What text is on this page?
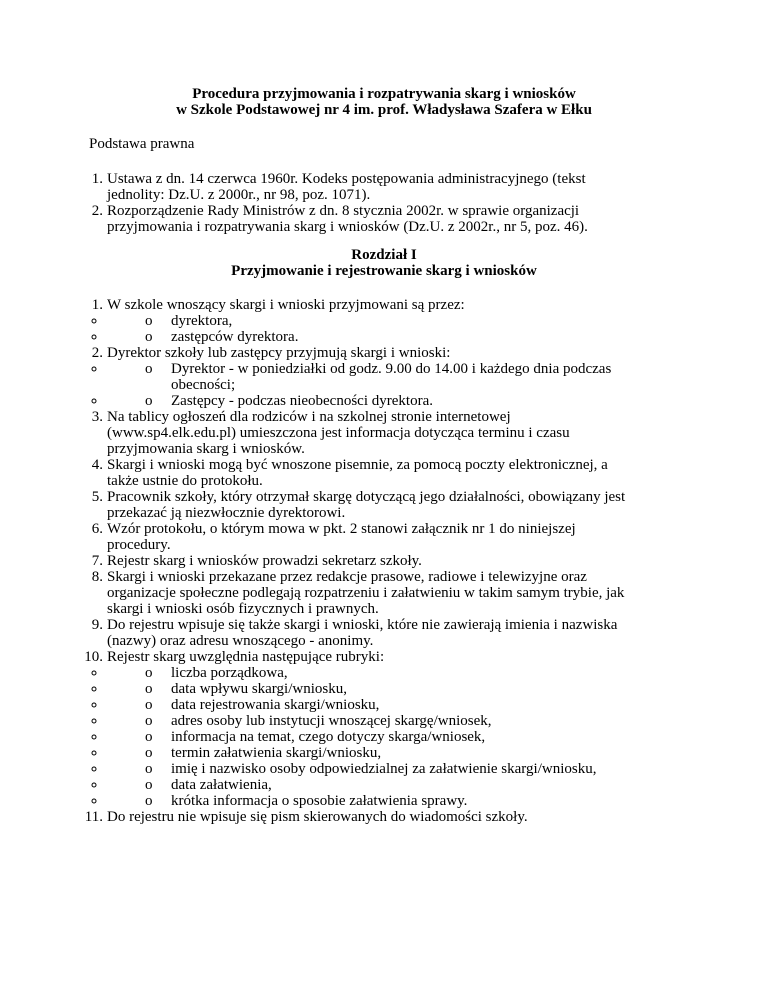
Procedura przyjmowania i rozpatrywania skarg i wniosków
w Szkole Podstawowej nr 4 im. prof. Władysława Szafera w Ełku
Podstawa prawna
1. Ustawa z dn. 14 czerwca 1960r. Kodeks postępowania administracyjnego (tekst
jednolity: Dz.U. z 2000r., nr 98, poz. 1071).
2. Rozporządzenie Rady Ministrów z dn. 8 stycznia 2002r. w sprawie organizacji
przyjmowania i rozpatrywania skarg i wniosków (Dz.U. z 2002r., nr 5, poz. 46).
Rozdział I
Przyjmowanie i rejestrowanie skarg i wniosków
1. W szkole wnoszący skargi i wnioski przyjmowani są przez:
◦ o dyrektora,
◦ o zastępców dyrektora.
2. Dyrektor szkoły lub zastępcy przyjmują skargi i wnioski:
◦ o Dyrektor - w poniedziałki od godz. 9.00 do 14.00 i każdego dnia podczas
obecności;
◦ o Zastępcy - podczas nieobecności dyrektora.
3. Na tablicy ogłoszeń dla rodziców i na szkolnej stronie internetowej
(www.sp4.elk.edu.pl) umieszczona jest informacja dotycząca terminu i czasu
przyjmowania skarg i wniosków.
4. Skargi i wnioski mogą być wnoszone pisemnie, za pomocą poczty elektronicznej, a
także ustnie do protokołu.
5. Pracownik szkoły, który otrzymał skargę dotyczącą jego działalności, obowiązany jest
przekazać ją niezwłocznie dyrektorowi.
6. Wzór protokołu, o którym mowa w pkt. 2 stanowi załącznik nr 1 do niniejszej
procedury.
7. Rejestr skarg i wniosków prowadzi sekretarz szkoły.
8. Skargi i wnioski przekazane przez redakcje prasowe, radiowe i telewizyjne oraz
organizacje społeczne podlegają rozpatrzeniu i załatwieniu w takim samym trybie, jak
skargi i wnioski osób fizycznych i prawnych.
9. Do rejestru wpisuje się także skargi i wnioski, które nie zawierają imienia i nazwiska
(nazwy) oraz adresu wnoszącego - anonimy.
10. Rejestr skarg uwzględnia następujące rubryki:
◦ o liczba porządkowa,
◦ o data wpływu skargi/wniosku,
◦ o data rejestrowania skargi/wniosku,
◦ o adres osoby lub instytucji wnoszącej skargę/wniosek,
◦ o informacja na temat, czego dotyczy skarga/wniosek,
◦ o termin załatwienia skargi/wniosku,
◦ o imię i nazwisko osoby odpowiedzialnej za załatwienie skargi/wniosku,
◦ o data załatwienia,
◦ o krótka informacja o sposobie załatwienia sprawy.
11. Do rejestru nie wpisuje się pism skierowanych do wiadomości szkoły.
